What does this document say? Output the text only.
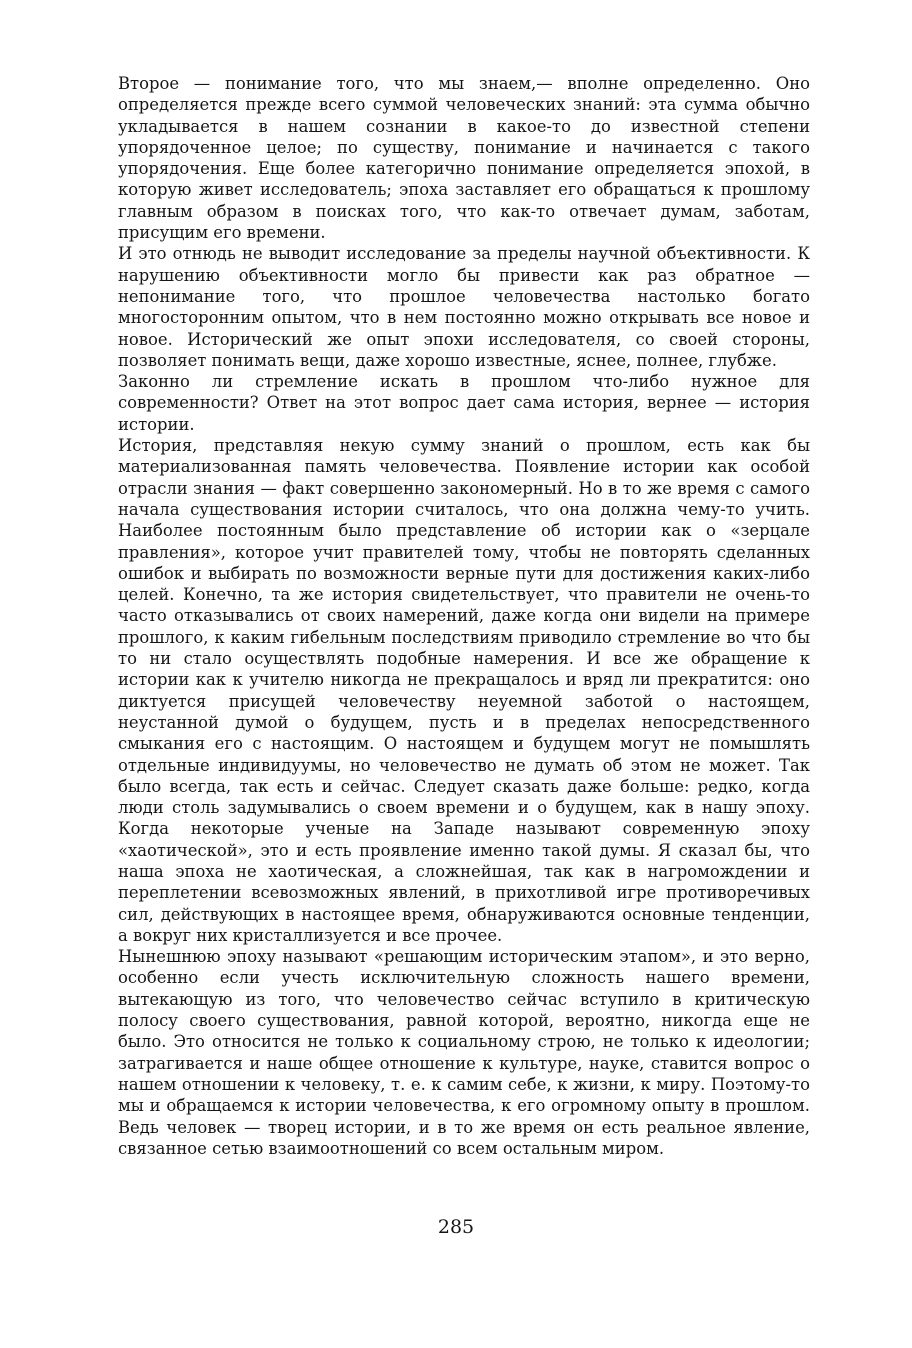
Второе — понимание того, что мы знаем,— вполне определенно. Оно определяется прежде всего суммой человеческих знаний: эта сумма обычно укладывается в нашем сознании в какое-то до известной степени упорядоченное целое; по существу, понимание и начинается с такого упорядочения. Еще более категорично понимание определяется эпохой, в которую живет исследователь; эпоха заставляет его обращаться к прошлому главным образом в поисках того, что как-то отвечает думам, заботам, присущим его времени.

И это отнюдь не выводит исследование за пределы научной объективности. К нарушению объективности могло бы привести как раз обратное — непонимание того, что прошлое человечества настолько богато многосторонним опытом, что в нем постоянно можно открывать все новое и новое. Исторический же опыт эпохи исследователя, со своей стороны, позволяет понимать вещи, даже хорошо известные, яснее, полнее, глубже.

Законно ли стремление искать в прошлом что-либо нужное для современности? Ответ на этот вопрос дает сама история, вернее — история истории.

История, представляя некую сумму знаний о прошлом, есть как бы материализованная память человечества. Появление истории как особой отрасли знания — факт совершенно закономерный. Но в то же время с самого начала существования истории считалось, что она должна чему-то учить. Наиболее постоянным было представление об истории как о «зерцале правления», которое учит правителей тому, чтобы не повторять сделанных ошибок и выбирать по возможности верные пути для достижения каких-либо целей. Конечно, та же история свидетельствует, что правители не очень-то часто отказывались от своих намерений, даже когда они видели на примере прошлого, к каким гибельным последствиям приводило стремление во что бы то ни стало осуществлять подобные намерения. И все же обращение к истории как к учителю никогда не прекращалось и вряд ли прекратится: оно диктуется присущей человечеству неуемной заботой о настоящем, неустанной думой о будущем, пусть и в пределах непосредственного смыкания его с настоящим. О настоящем и будущем могут не помышлять отдельные индивидуумы, но человечество не думать об этом не может. Так было всегда, так есть и сейчас. Следует сказать даже больше: редко, когда люди столь задумывались о своем времени и о будущем, как в нашу эпоху. Когда некоторые ученые на Западе называют современную эпоху «хаотической», это и есть проявление именно такой думы. Я сказал бы, что наша эпоха не хаотическая, а сложнейшая, так как в нагромождении и переплетении всевозможных явлений, в прихотливой игре противоречивых сил, действующих в настоящее время, обнаруживаются основные тенденции, а вокруг них кристаллизуется и все прочее.

Нынешнюю эпоху называют «решающим историческим этапом», и это верно, особенно если учесть исключительную сложность нашего времени, вытекающую из того, что человечество сейчас вступило в критическую полосу своего существования, равной которой, вероятно, никогда еще не было. Это относится не только к социальному строю, не только к идеологии; затрагивается и наше общее отношение к культуре, науке, ставится вопрос о нашем отношении к человеку, т. е. к самим себе, к жизни, к миру. Поэтому-то мы и обращаемся к истории человечества, к его огромному опыту в прошлом. Ведь человек — творец истории, и в то же время он есть реальное явление, связанное сетью взаимоотношений со всем остальным миром.

285
